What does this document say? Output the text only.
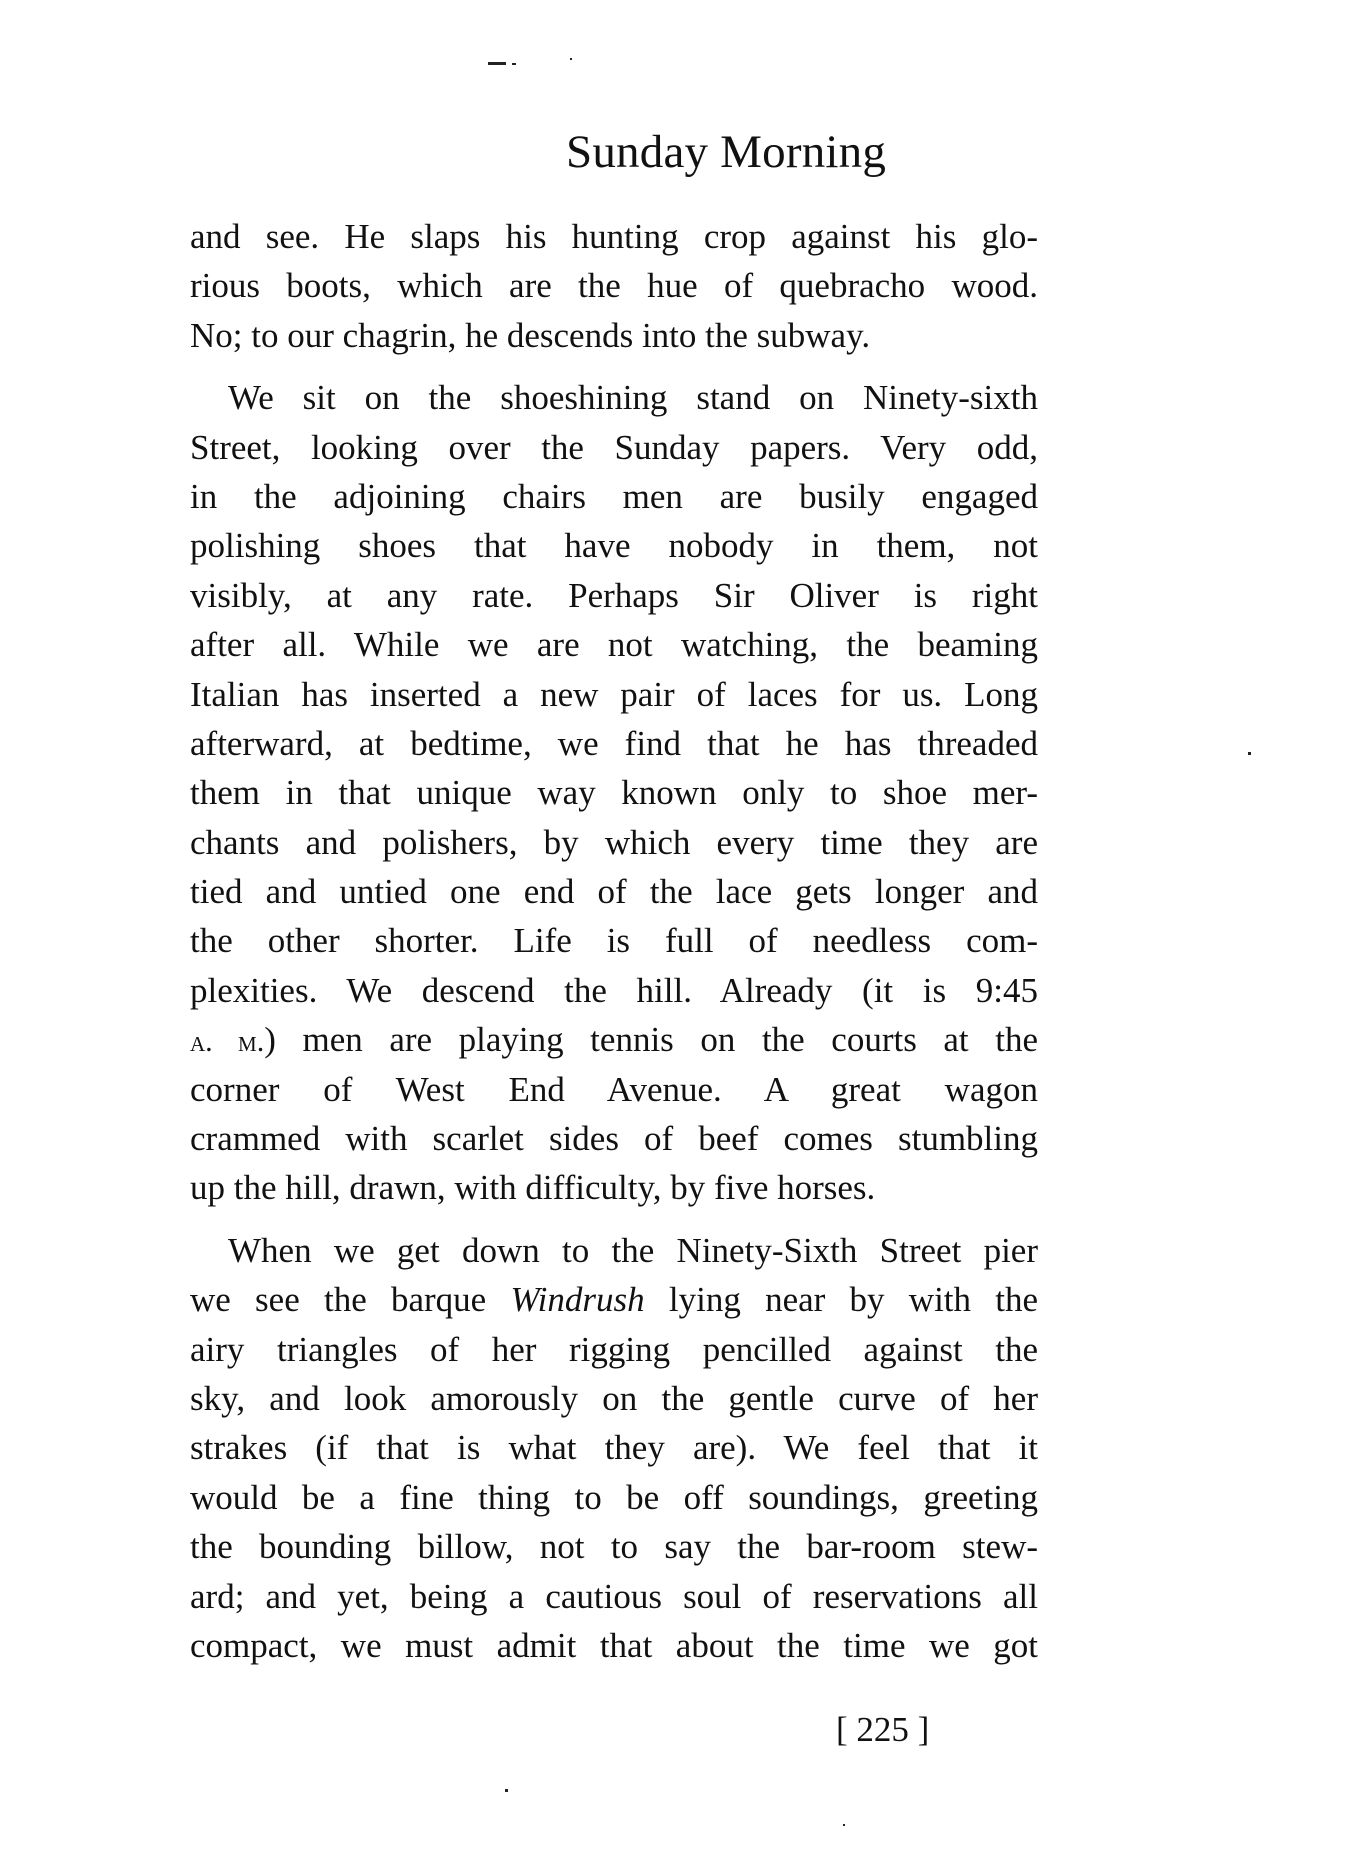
Sunday Morning
and see. He slaps his hunting crop against his glo-
rious boots, which are the hue of quebracho wood.
No; to our chagrin, he descends into the subway.
We sit on the shoeshining stand on Ninety-sixth
Street, looking over the Sunday papers. Very odd,
in the adjoining chairs men are busily engaged
polishing shoes that have nobody in them, not
visibly, at any rate. Perhaps Sir Oliver is right
after all. While we are not watching, the beaming
Italian has inserted a new pair of laces for us. Long
afterward, at bedtime, we find that he has threaded
them in that unique way known only to shoe mer-
chants and polishers, by which every time they are
tied and untied one end of the lace gets longer and
the other shorter. Life is full of needless com-
plexities. We descend the hill. Already (it is 9:45
a. m.) men are playing tennis on the courts at the
corner of West End Avenue. A great wagon
crammed with scarlet sides of beef comes stumbling
up the hill, drawn, with difficulty, by five horses.
When we get down to the Ninety-Sixth Street pier
we see the barque Windrush lying near by with the
airy triangles of her rigging pencilled against the
sky, and look amorously on the gentle curve of her
strakes (if that is what they are). We feel that it
would be a fine thing to be off soundings, greeting
the bounding billow, not to say the bar-room stew-
ard; and yet, being a cautious soul of reservations all
compact, we must admit that about the time we got
[ 225 ]
